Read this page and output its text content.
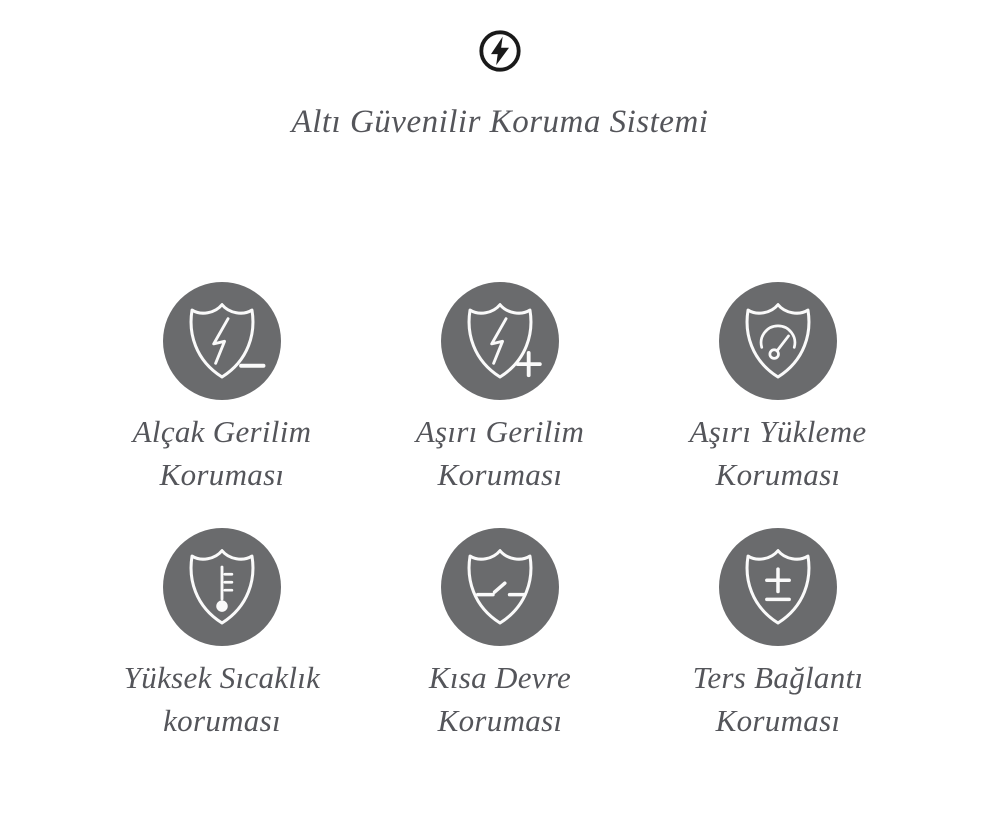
Altı Güvenilir Koruma Sistemi
Alçak Gerilim
Koruması
Aşırı Gerilim
Koruması
Aşırı Yükleme
Koruması
Yüksek Sıcaklık
koruması
Kısa Devre
Koruması
Ters Bağlantı
Koruması
